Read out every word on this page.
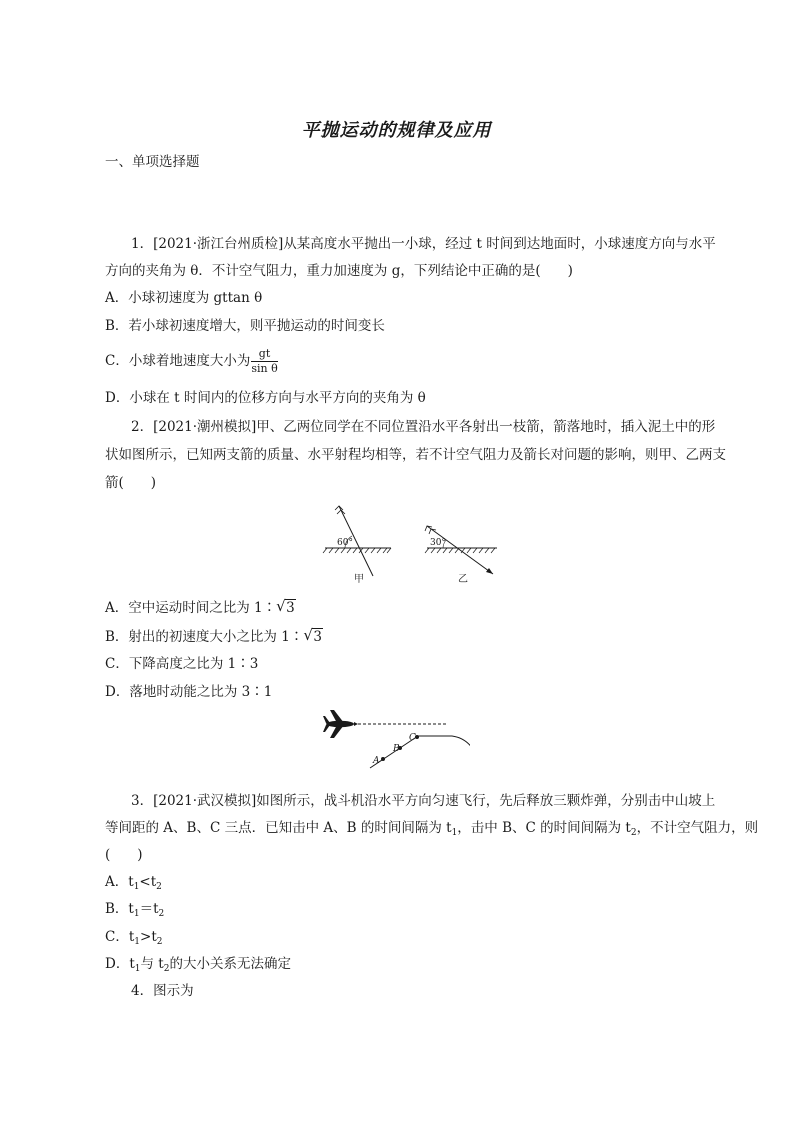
平抛运动的规律及应用
一、单项选择题
1．[2021·浙江台州质检]从某高度水平抛出一小球，经过 t 时间到达地面时，小球速度方向与水平
方向的夹角为 θ．不计空气阻力，重力加速度为 g，下列结论中正确的是(　　)
A．小球初速度为 gttan θ
B．若小球初速度增大，则平抛运动的时间变长
C．小球着地速度大小为 $\frac{gt}{\text{sin θ}}$
D．小球在 t 时间内的位移方向与水平方向的夹角为 θ
2．[2021·潮州模拟]甲、乙两位同学在不同位置沿水平各射出一枝箭，箭落地时，插入泥土中的形
状如图所示，已知两支箭的质量、水平射程均相等，若不计空气阻力及箭长对问题的影响，则甲、乙两支
箭(　　)
60°
甲
30°
乙
A．空中运动时间之比为 1∶ √ 3
B．射出的初速度大小之比为 1∶ √ 3
C．下降高度之比为 1∶3
D．落地时动能之比为 3∶1
A
B
C
3．[2021·武汉模拟]如图所示，战斗机沿水平方向匀速飞行，先后释放三颗炸弹，分别击中山坡上
等间距的 A、B、C 三点．已知击中 A、B 的时间间隔为 $t_1$，击中 B、C 的时间间隔为 $t_2$，不计空气阻力，则
(　　)
A．$t_1<t_2$
B．$t_1=t_2$
C．$t_1>t_2$
D．$t_1$与 $t_2$的大小关系无法确定
4．图示为
